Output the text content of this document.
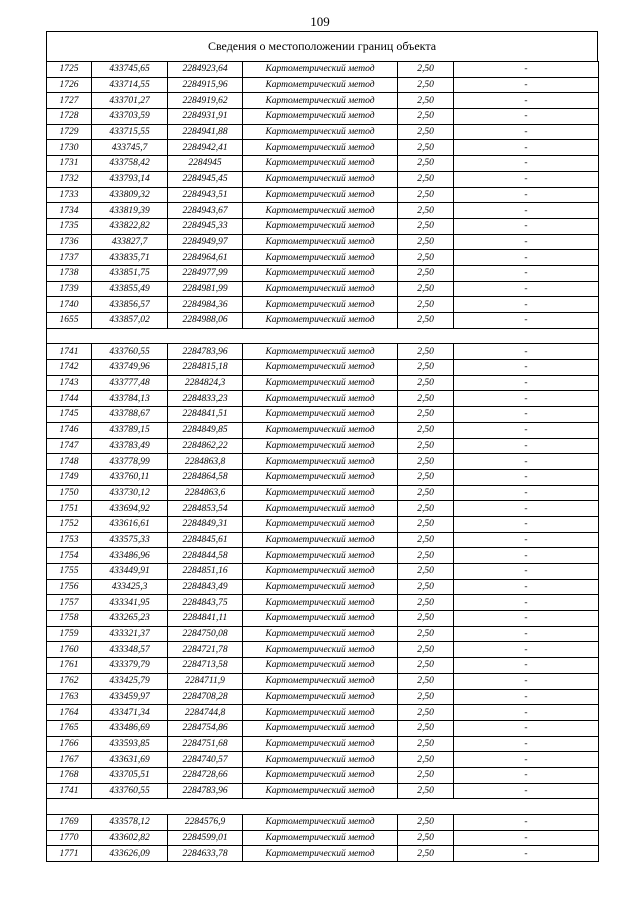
109
Сведения о местоположении границ объекта
1725	433745,65	2284923,64	Картометрический метод	2,50	-
1726	433714,55	2284915,96	Картометрический метод	2,50	-
1727	433701,27	2284919,62	Картометрический метод	2,50	-
1728	433703,59	2284931,91	Картометрический метод	2,50	-
1729	433715,55	2284941,88	Картометрический метод	2,50	-
1730	433745,7	2284942,41	Картометрический метод	2,50	-
1731	433758,42	2284945	Картометрический метод	2,50	-
1732	433793,14	2284945,45	Картометрический метод	2,50	-
1733	433809,32	2284943,51	Картометрический метод	2,50	-
1734	433819,39	2284943,67	Картометрический метод	2,50	-
1735	433822,82	2284945,33	Картометрический метод	2,50	-
1736	433827,7	2284949,97	Картометрический метод	2,50	-
1737	433835,71	2284964,61	Картометрический метод	2,50	-
1738	433851,75	2284977,99	Картометрический метод	2,50	-
1739	433855,49	2284981,99	Картометрический метод	2,50	-
1740	433856,57	2284984,36	Картометрический метод	2,50	-
1655	433857,02	2284988,06	Картометрический метод	2,50	-

1741	433760,55	2284783,96	Картометрический метод	2,50	-
1742	433749,96	2284815,18	Картометрический метод	2,50	-
1743	433777,48	2284824,3	Картометрический метод	2,50	-
1744	433784,13	2284833,23	Картометрический метод	2,50	-
1745	433788,67	2284841,51	Картометрический метод	2,50	-
1746	433789,15	2284849,85	Картометрический метод	2,50	-
1747	433783,49	2284862,22	Картометрический метод	2,50	-
1748	433778,99	2284863,8	Картометрический метод	2,50	-
1749	433760,11	2284864,58	Картометрический метод	2,50	-
1750	433730,12	2284863,6	Картометрический метод	2,50	-
1751	433694,92	2284853,54	Картометрический метод	2,50	-
1752	433616,61	2284849,31	Картометрический метод	2,50	-
1753	433575,33	2284845,61	Картометрический метод	2,50	-
1754	433486,96	2284844,58	Картометрический метод	2,50	-
1755	433449,91	2284851,16	Картометрический метод	2,50	-
1756	433425,3	2284843,49	Картометрический метод	2,50	-
1757	433341,95	2284843,75	Картометрический метод	2,50	-
1758	433265,23	2284841,11	Картометрический метод	2,50	-
1759	433321,37	2284750,08	Картометрический метод	2,50	-
1760	433348,57	2284721,78	Картометрический метод	2,50	-
1761	433379,79	2284713,58	Картометрический метод	2,50	-
1762	433425,79	2284711,9	Картометрический метод	2,50	-
1763	433459,97	2284708,28	Картометрический метод	2,50	-
1764	433471,34	2284744,8	Картометрический метод	2,50	-
1765	433486,69	2284754,86	Картометрический метод	2,50	-
1766	433593,85	2284751,68	Картометрический метод	2,50	-
1767	433631,69	2284740,57	Картометрический метод	2,50	-
1768	433705,51	2284728,66	Картометрический метод	2,50	-
1741	433760,55	2284783,96	Картометрический метод	2,50	-

1769	433578,12	2284576,9	Картометрический метод	2,50	-
1770	433602,82	2284599,01	Картометрический метод	2,50	-
1771	433626,09	2284633,78	Картометрический метод	2,50	-
